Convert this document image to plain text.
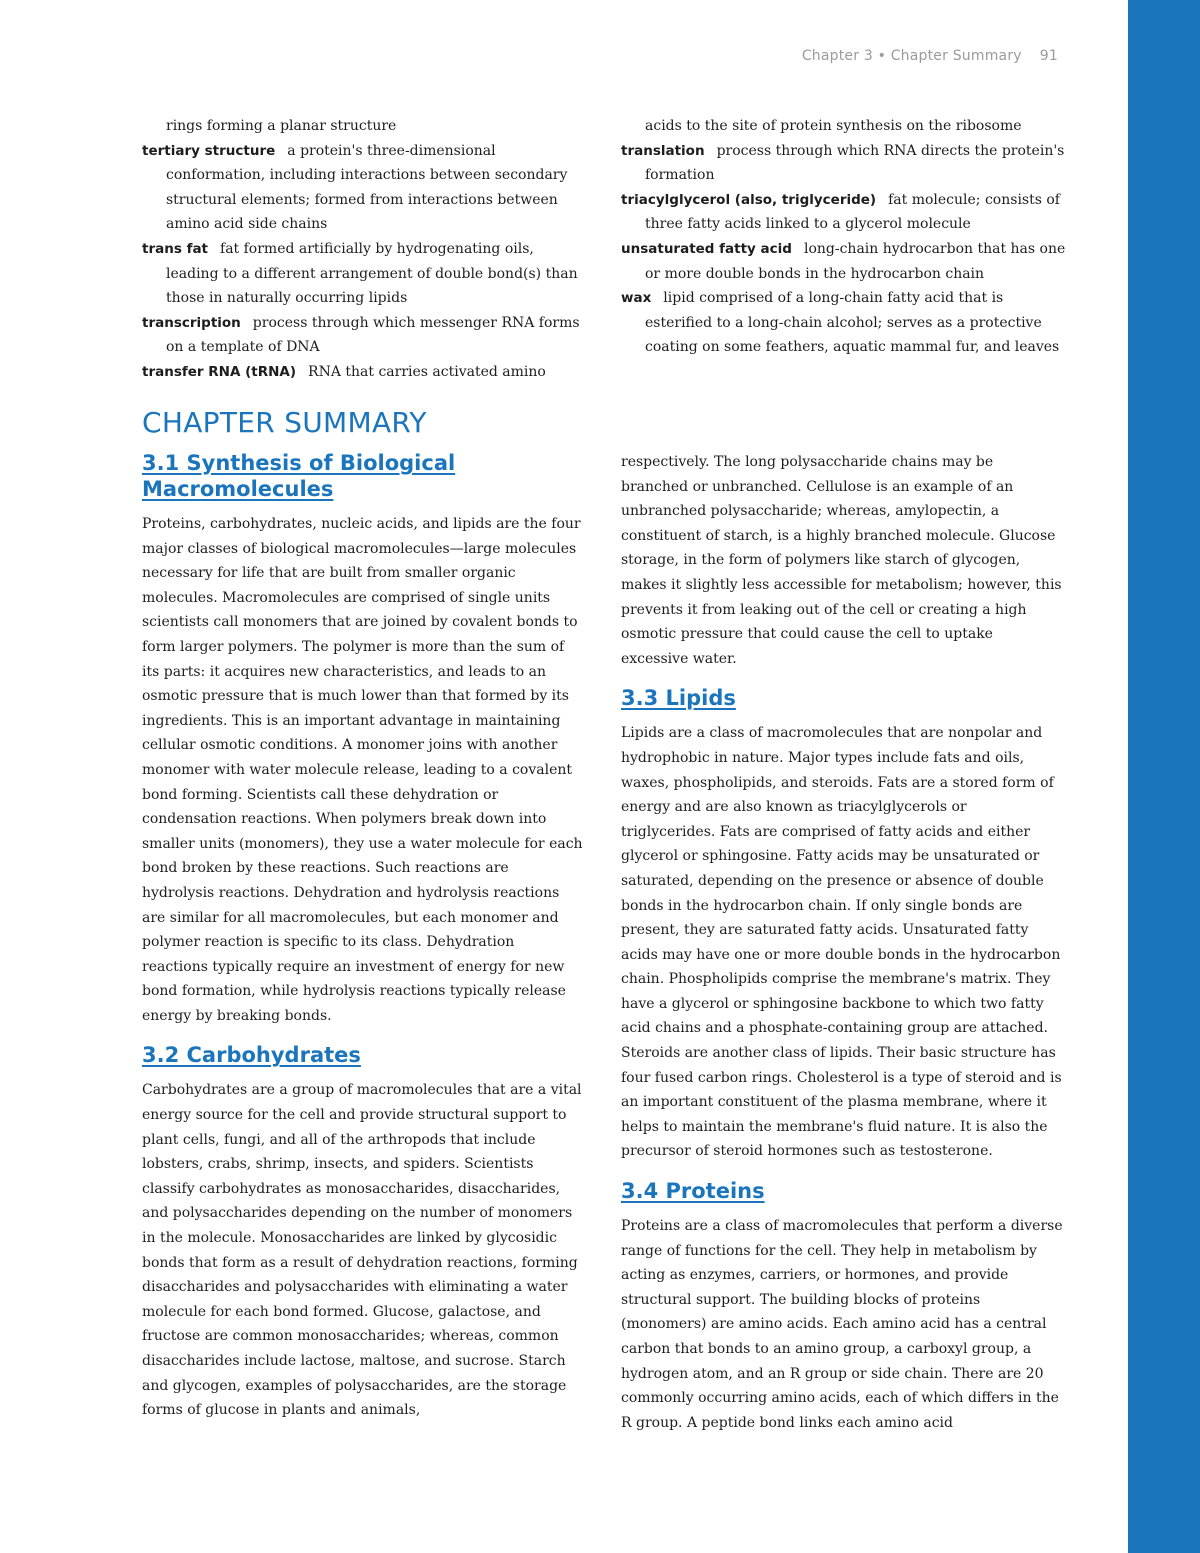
Chapter 3 • Chapter Summary 91

rings forming a planar structure

tertiary structure a protein's three-dimensional conformation, including interactions between secondary structural elements; formed from interactions between amino acid side chains

trans fat fat formed artificially by hydrogenating oils, leading to a different arrangement of double bond(s) than those in naturally occurring lipids

transcription process through which messenger RNA forms on a template of DNA

transfer RNA (tRNA) RNA that carries activated amino

acids to the site of protein synthesis on the ribosome

translation process through which RNA directs the protein's formation

triacylglycerol (also, triglyceride) fat molecule; consists of three fatty acids linked to a glycerol molecule

unsaturated fatty acid long-chain hydrocarbon that has one or more double bonds in the hydrocarbon chain

wax lipid comprised of a long-chain fatty acid that is esterified to a long-chain alcohol; serves as a protective coating on some feathers, aquatic mammal fur, and leaves

CHAPTER SUMMARY
3.1 Synthesis of Biological Macromolecules

Proteins, carbohydrates, nucleic acids, and lipids are the four major classes of biological macromolecules—large molecules necessary for life that are built from smaller organic molecules. Macromolecules are comprised of single units scientists call monomers that are joined by covalent bonds to form larger polymers. The polymer is more than the sum of its parts: it acquires new characteristics, and leads to an osmotic pressure that is much lower than that formed by its ingredients. This is an important advantage in maintaining cellular osmotic conditions. A monomer joins with another monomer with water molecule release, leading to a covalent bond forming. Scientists call these dehydration or condensation reactions. When polymers break down into smaller units (monomers), they use a water molecule for each bond broken by these reactions. Such reactions are hydrolysis reactions. Dehydration and hydrolysis reactions are similar for all macromolecules, but each monomer and polymer reaction is specific to its class. Dehydration reactions typically require an investment of energy for new bond formation, while hydrolysis reactions typically release energy by breaking bonds.

3.2 Carbohydrates

Carbohydrates are a group of macromolecules that are a vital energy source for the cell and provide structural support to plant cells, fungi, and all of the arthropods that include lobsters, crabs, shrimp, insects, and spiders. Scientists classify carbohydrates as monosaccharides, disaccharides, and polysaccharides depending on the number of monomers in the molecule. Monosaccharides are linked by glycosidic bonds that form as a result of dehydration reactions, forming disaccharides and polysaccharides with eliminating a water molecule for each bond formed. Glucose, galactose, and fructose are common monosaccharides; whereas, common disaccharides include lactose, maltose, and sucrose. Starch and glycogen, examples of polysaccharides, are the storage forms of glucose in plants and animals,

respectively. The long polysaccharide chains may be branched or unbranched. Cellulose is an example of an unbranched polysaccharide; whereas, amylopectin, a constituent of starch, is a highly branched molecule. Glucose storage, in the form of polymers like starch of glycogen, makes it slightly less accessible for metabolism; however, this prevents it from leaking out of the cell or creating a high osmotic pressure that could cause the cell to uptake excessive water.

3.3 Lipids

Lipids are a class of macromolecules that are nonpolar and hydrophobic in nature. Major types include fats and oils, waxes, phospholipids, and steroids. Fats are a stored form of energy and are also known as triacylglycerols or triglycerides. Fats are comprised of fatty acids and either glycerol or sphingosine. Fatty acids may be unsaturated or saturated, depending on the presence or absence of double bonds in the hydrocarbon chain. If only single bonds are present, they are saturated fatty acids. Unsaturated fatty acids may have one or more double bonds in the hydrocarbon chain. Phospholipids comprise the membrane's matrix. They have a glycerol or sphingosine backbone to which two fatty acid chains and a phosphate-containing group are attached. Steroids are another class of lipids. Their basic structure has four fused carbon rings. Cholesterol is a type of steroid and is an important constituent of the plasma membrane, where it helps to maintain the membrane's fluid nature. It is also the precursor of steroid hormones such as testosterone.

3.4 Proteins

Proteins are a class of macromolecules that perform a diverse range of functions for the cell. They help in metabolism by acting as enzymes, carriers, or hormones, and provide structural support. The building blocks of proteins (monomers) are amino acids. Each amino acid has a central carbon that bonds to an amino group, a carboxyl group, a hydrogen atom, and an R group or side chain. There are 20 commonly occurring amino acids, each of which differs in the R group. A peptide bond links each amino acid
